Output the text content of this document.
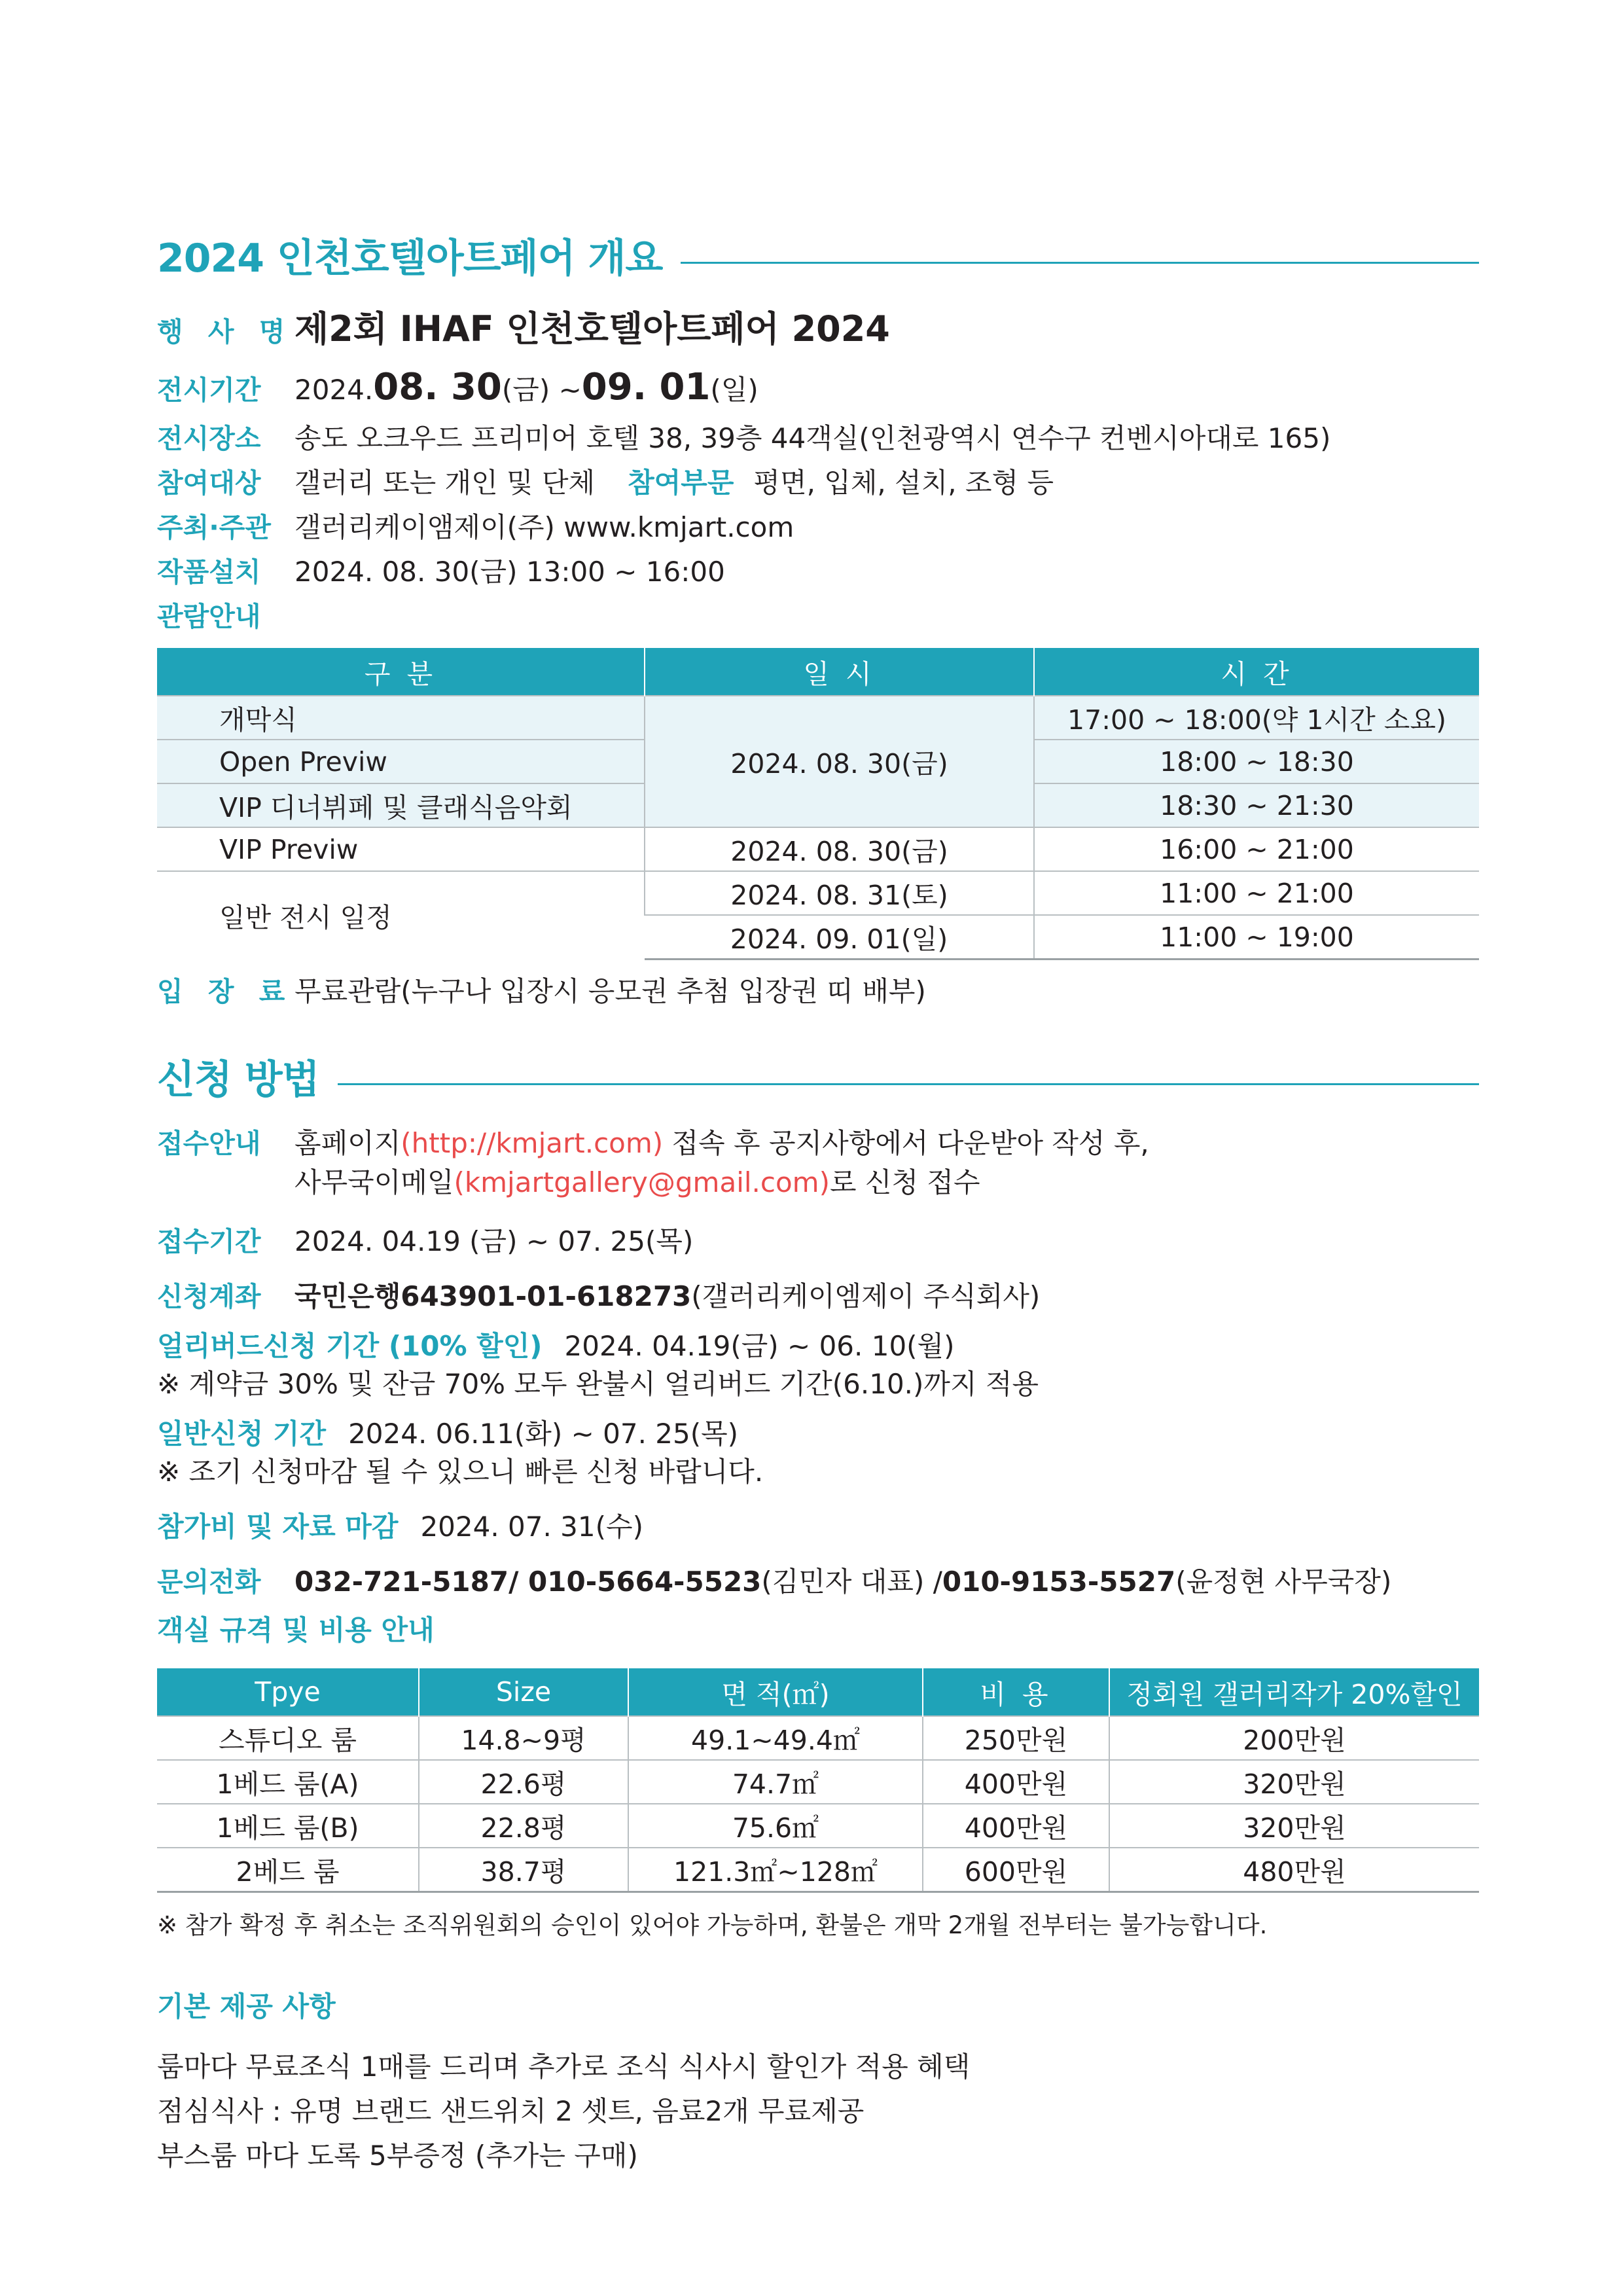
2024 인천호텔아트페어 개요
행 사 명 제2회 IHAF 인천호텔아트페어 2024
전시기간	2024. 08. 30 (금) ~ 09. 01 (일)
전시장소	송도 오크우드 프리미어 호텔 38, 39층 44객실(인천광역시 연수구 컨벤시아대로 165)
참여대상	갤러리 또는 개인 및 단체 참여부문 평면, 입체, 설치, 조형 등
주최·주관 갤러리케이앰제이(주) www.kmjart.com
작품설치	2024. 08. 30(금) 13:00 ~ 16:00
관람안내
구 분	일 시	시 간
개막식	2024. 08. 30(금)	17:00 ~ 18:00(약 1시간 소요)
Open Previw		18:00 ~ 18:30
VIP 디너뷔페 및 클래식음악회		18:30 ~ 21:30
VIP Previw	2024. 08. 30(금)	16:00 ~ 21:00
일반 전시 일정	2024. 08. 31(토)	11:00 ~ 21:00
	2024. 09. 01(일)	11:00 ~ 19:00
입 장 료 무료관람(누구나 입장시 응모권 추첨 입장권 띠 배부)
신청 방법
접수안내	홈페이지(http://kmjart.com) 접속 후 공지사항에서 다운받아 작성 후,
사무국이메일(kmjartgallery@gmail.com)로 신청 접수
접수기간	2024. 04.19 (금) ~ 07. 25(목)
신청계좌	국민은행643901-01-618273 (갤러리케이엠제이 주식회사)
얼리버드신청 기간 (10% 할인) 2024. 04.19(금) ~ 06. 10(월)
※ 계약금 30% 및 잔금 70% 모두 완불시 얼리버드 기간(6.10.)까지 적용
일반신청 기간 2024. 06.11(화) ~ 07. 25(목)
※ 조기 신청마감 될 수 있으니 빠른 신청 바랍니다.
참가비 및 자료 마감 2024. 07. 31(수)
문의전화	032-721-5187/ 010-5664-5523 (김민자 대표) / 010-9153-5527 (윤정현 사무국장)
객실 규격 및 비용 안내
Tpye	Size	면 적(㎡)	비 용	정회원 갤러리작가 20%할인
스튜디오 룸	14.8~9평	49.1~49.4㎡	250만원	200만원
1베드 룸(A)	22.6평	74.7㎡	400만원	320만원
1베드 룸(B)	22.8평	75.6㎡	400만원	320만원
2베드 룸	38.7평	121.3㎡~128㎡	600만원	480만원
※ 참가 확정 후 취소는 조직위원회의 승인이 있어야 가능하며, 환불은 개막 2개월 전부터는 불가능합니다.
기본 제공 사항
룸마다 무료조식 1매를 드리며 추가로 조식 식사시 할인가 적용 혜택
점심식사 : 유명 브랜드 샌드위치 2 셋트, 음료2개 무료제공
부스룸 마다 도록 5부증정 (추가는 구매)
